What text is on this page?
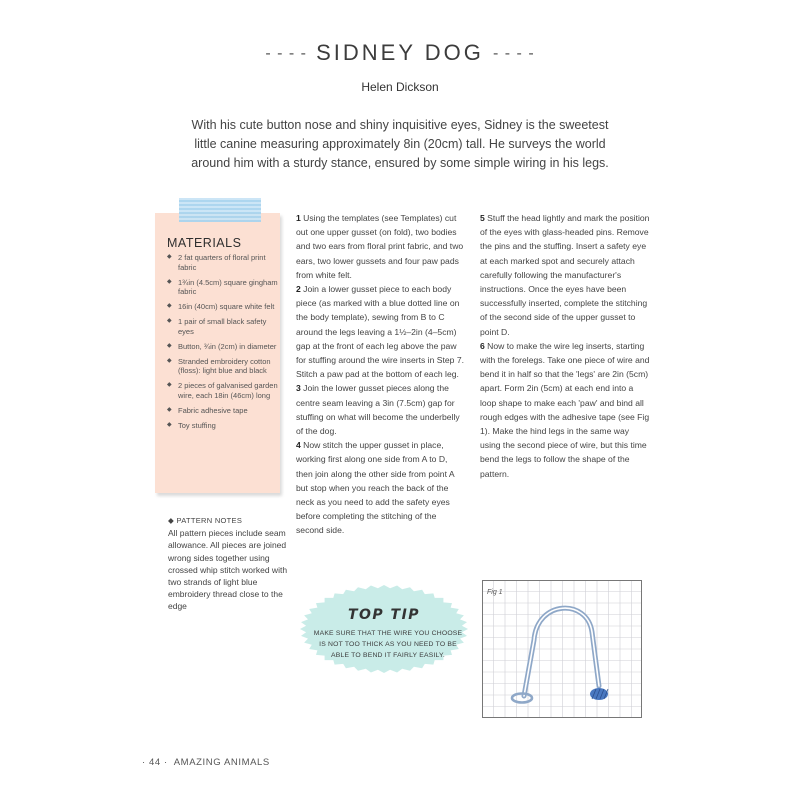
- - - - SIDNEY DOG - - - -
Helen Dickson
With his cute button nose and shiny inquisitive eyes, Sidney is the sweetest little canine measuring approximately 8in (20cm) tall. He surveys the world around him with a sturdy stance, ensured by some simple wiring in his legs.
MATERIALS
◆ 2 fat quarters of floral print fabric
◆ 1¾in (4.5cm) square gingham fabric
◆ 16in (40cm) square white felt
◆ 1 pair of small black safety eyes
◆ Button, ¾in (2cm) in diameter
◆ Stranded embroidery cotton (floss): light blue and black
◆ 2 pieces of galvanised garden wire, each 18in (46cm) long
◆ Fabric adhesive tape
◆ Toy stuffing
◆ PATTERN NOTES
All pattern pieces include seam allowance. All pieces are joined wrong sides together using crossed whip stitch worked with two strands of light blue embroidery thread close to the edge

1 Using the templates (see Templates) cut out one upper gusset (on fold), two bodies and two ears from floral print fabric, and two ears, two lower gussets and four paw pads from white felt.

2 Join a lower gusset piece to each body piece (as marked with a blue dotted line on the body template), sewing from B to C around the legs leaving a 1½–2in (4–5cm) gap at the front of each leg above the paw for stuffing around the wire inserts in Step 7. Stitch a paw pad at the bottom of each leg.

3 Join the lower gusset pieces along the centre seam leaving a 3in (7.5cm) gap for stuffing on what will become the underbelly of the dog.

4 Now stitch the upper gusset in place, working first along one side from A to D, then join along the other side from point A but stop when you reach the back of the neck as you need to add the safety eyes before completing the stitching of the second side.

5 Stuff the head lightly and mark the position of the eyes with glass-headed pins. Remove the pins and the stuffing. Insert a safety eye at each marked spot and securely attach carefully following the manufacturer's instructions. Once the eyes have been successfully inserted, complete the stitching of the second side of the upper gusset to point D.

6 Now to make the wire leg inserts, starting with the forelegs. Take one piece of wire and bend it in half so that the 'legs' are 2in (5cm) apart. Form 2in (5cm) at each end into a loop shape to make each 'paw' and bind all rough edges with the adhesive tape (see Fig 1). Make the hind legs in the same way using the second piece of wire, but this time bend the legs to follow the shape of the pattern.

TOP TIP
MAKE SURE THAT THE WIRE YOU CHOOSE IS NOT TOO THICK AS YOU NEED TO BE ABLE TO BEND IT FAIRLY EASILY.
Fig 1
· 44 · AMAZING ANIMALS
